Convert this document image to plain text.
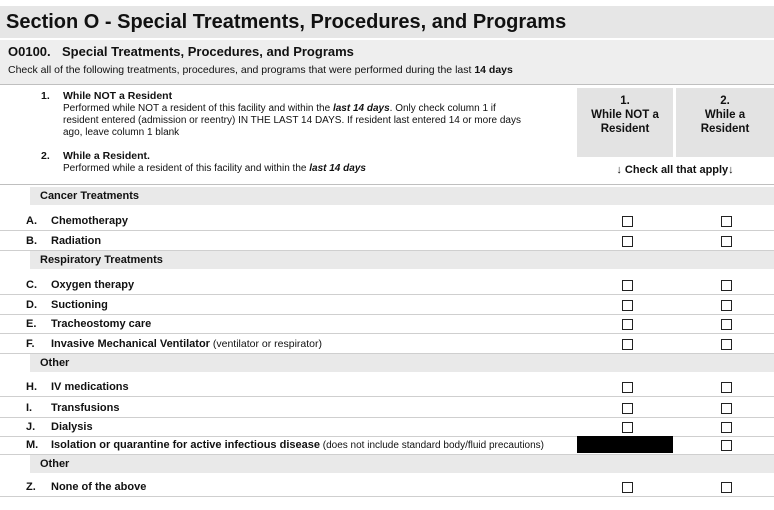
Section O - Special Treatments, Procedures, and Programs
O0100. Special Treatments, Procedures, and Programs
Check all of the following treatments, procedures, and programs that were performed during the last 14 days
1. While NOT a Resident
Performed while NOT a resident of this facility and within the last 14 days. Only check column 1 if
resident entered (admission or reentry) IN THE LAST 14 DAYS. If resident last entered 14 or more days
ago, leave column 1 blank
2. While a Resident.
Performed while a resident of this facility and within the last 14 days
1.
While NOT a
Resident
2.
While a
Resident
↓ Check all that apply↓
Cancer Treatments
A. Chemotherapy
B. Radiation
Respiratory Treatments
C. Oxygen therapy
D. Suctioning
E.	Tracheostomy care
F.	Invasive Mechanical Ventilator (ventilator or respirator)
Other
H. IV medications
I.	Transfusions
J.	Dialysis
M. Isolation or quarantine for active infectious disease (does not include standard body/fluid precautions)
Other
Z.	None of the above
